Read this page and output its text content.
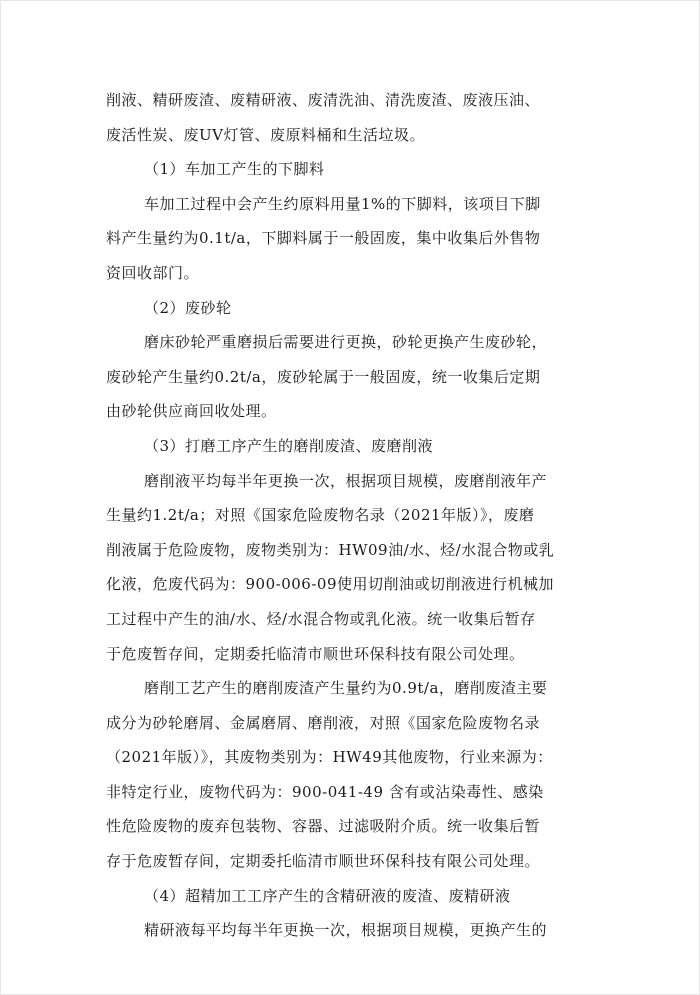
削液、精研废渣、废精研液、废清洗油、清洗废渣、废液压油、
废活性炭、废UV灯管、废原料桶和生活垃圾。
（1）车加工产生的下脚料
车加工过程中会产生约原料用量1%的下脚料，该项目下脚
料产生量约为0.1t/a，下脚料属于一般固废，集中收集后外售物
资回收部门。
（2）废砂轮
磨床砂轮严重磨损后需要进行更换，砂轮更换产生废砂轮，
废砂轮产生量约0.2t/a，废砂轮属于一般固废，统一收集后定期
由砂轮供应商回收处理。
（3）打磨工序产生的磨削废渣、废磨削液
磨削液平均每半年更换一次，根据项目规模，废磨削液年产
生量约1.2t/a；对照《国家危险废物名录（2021年版）》，废磨
削液属于危险废物，废物类别为：HW09油/水、烃/水混合物或乳
化液，危废代码为：900-006-09使用切削油或切削液进行机械加
工过程中产生的油/水、烃/水混合物或乳化液。统一收集后暂存
于危废暂存间，定期委托临清市顺世环保科技有限公司处理。
磨削工艺产生的磨削废渣产生量约为0.9t/a，磨削废渣主要
成分为砂轮磨屑、金属磨屑、磨削液，对照《国家危险废物名录
（2021年版）》，其废物类别为：HW49其他废物，行业来源为：
非特定行业，废物代码为：900-041-49 含有或沾染毒性、感染
性危险废物的废弃包装物、容器、过滤吸附介质。统一收集后暂
存于危废暂存间，定期委托临清市顺世环保科技有限公司处理。
（4）超精加工工序产生的含精研液的废渣、废精研液
精研液每平均每半年更换一次，根据项目规模，更换产生的
